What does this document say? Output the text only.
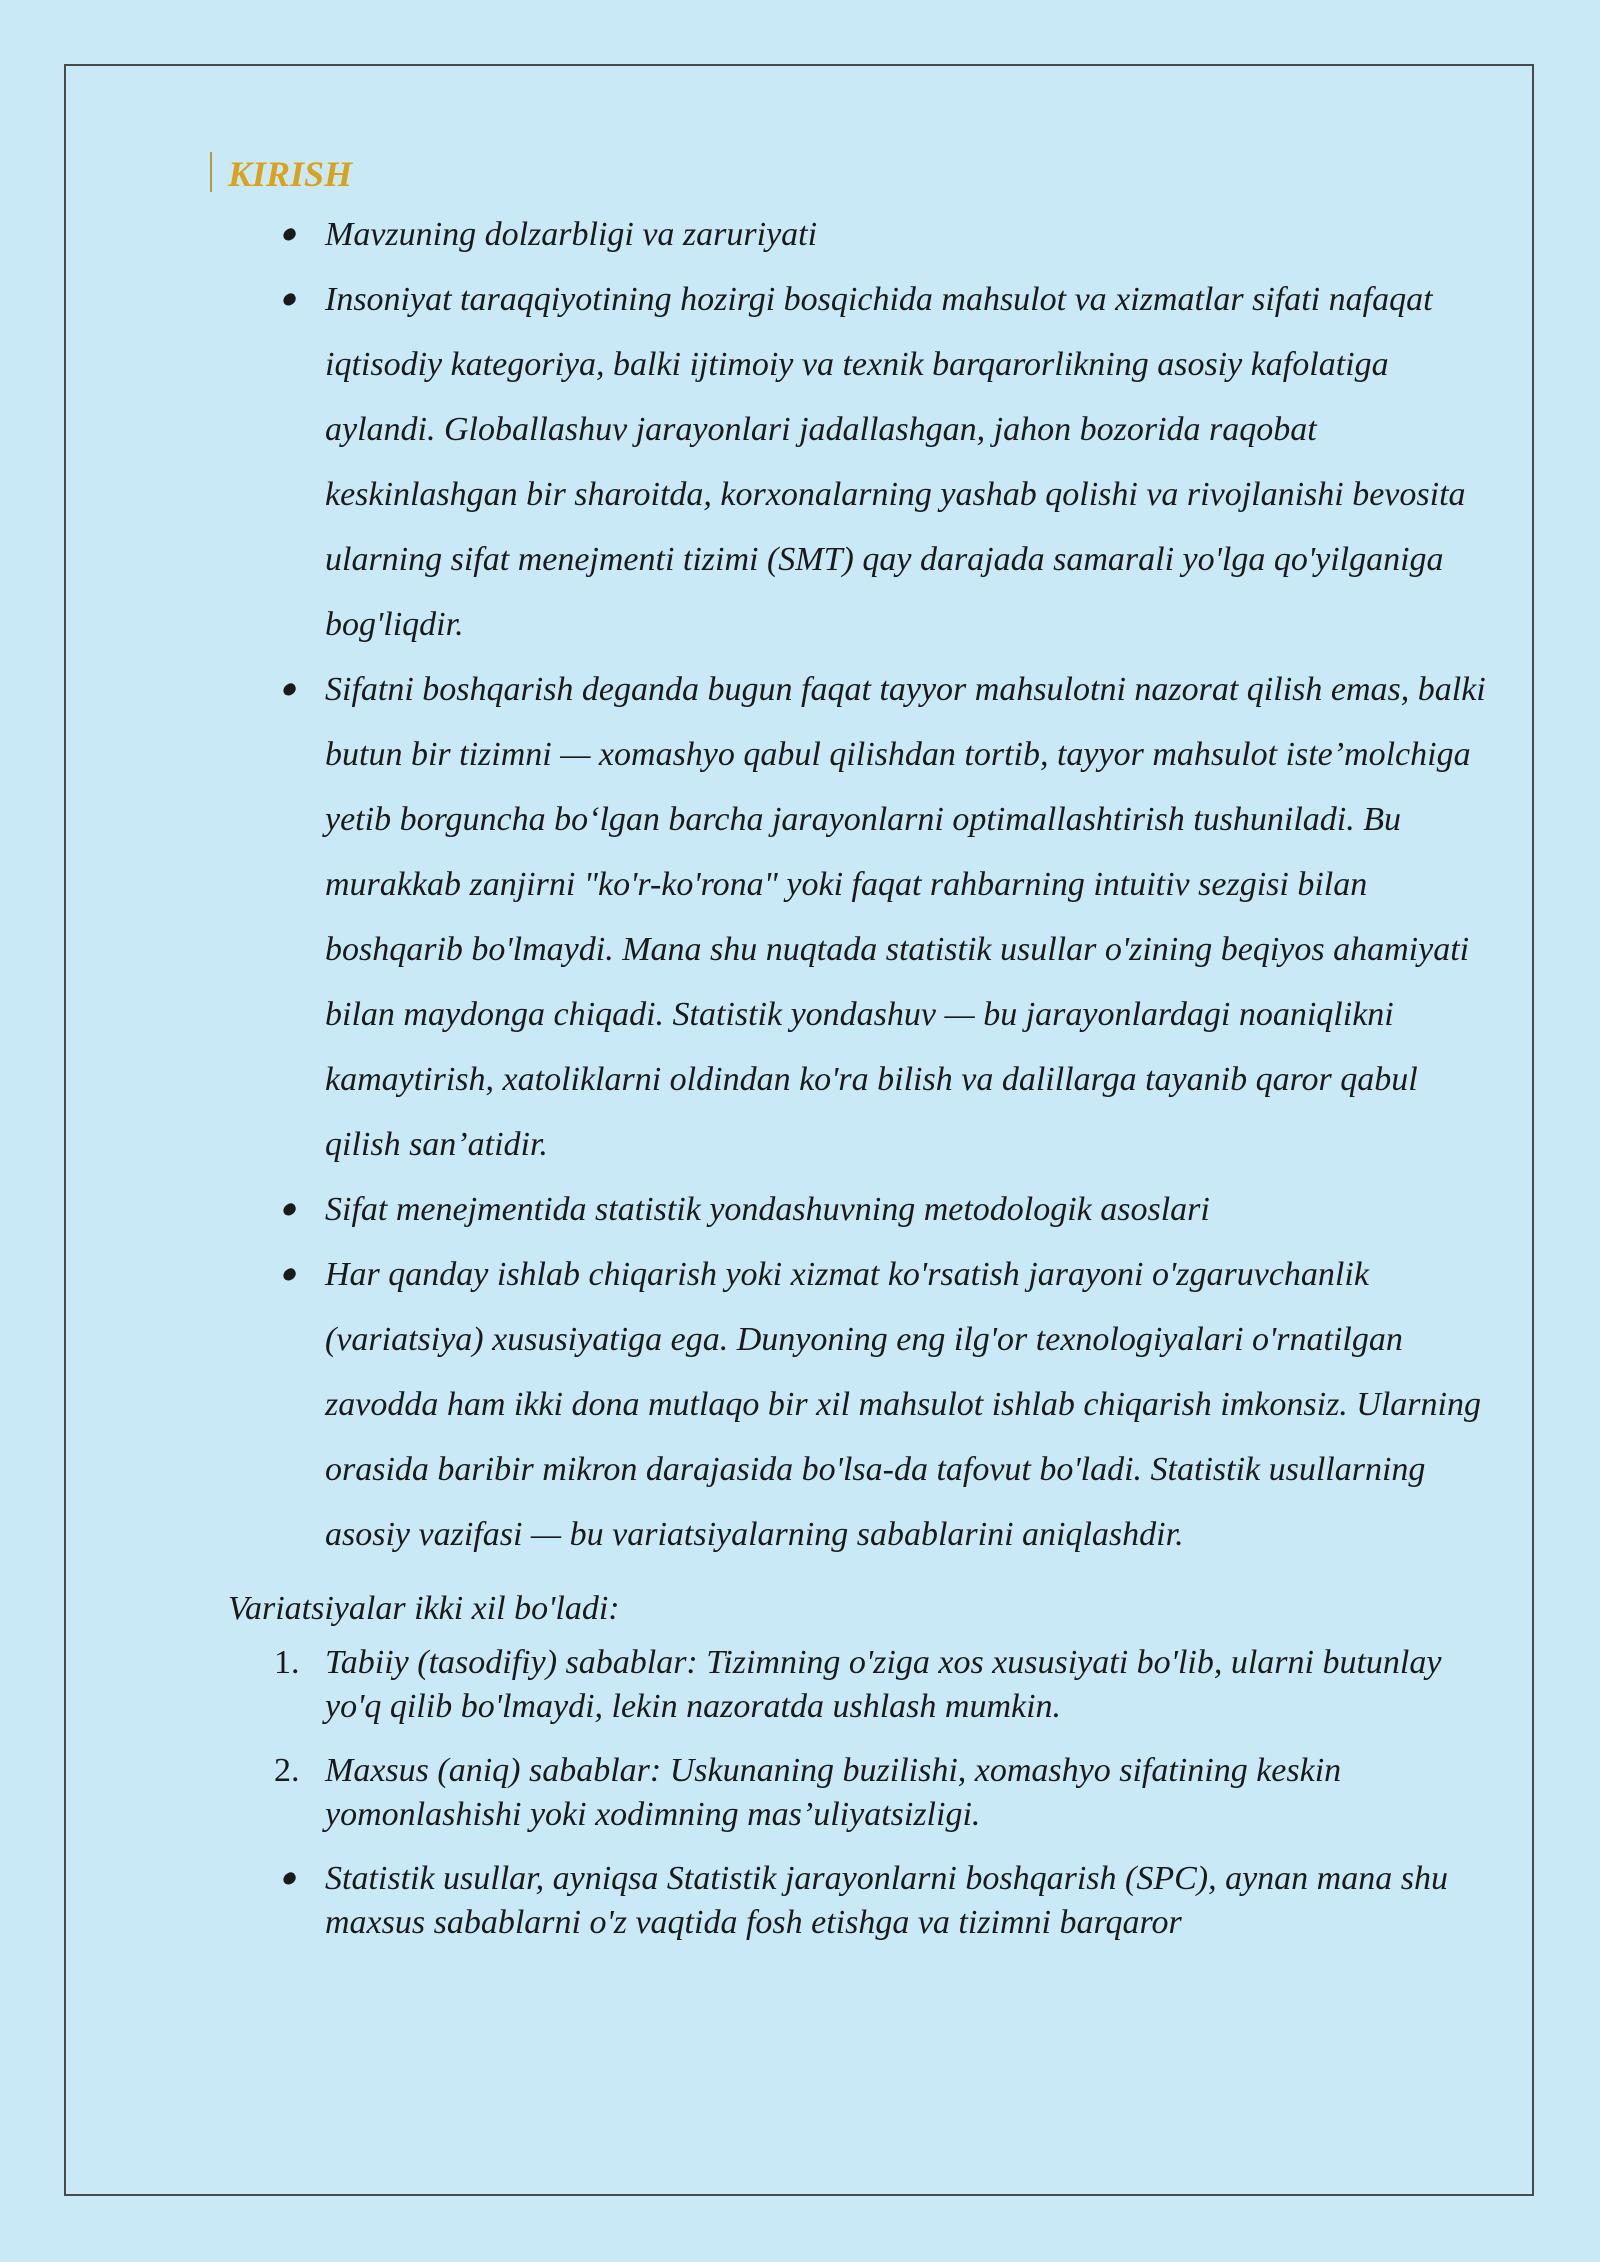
KIRISH
Mavzuning dolzarbligi va zaruriyati
Insoniyat taraqqiyotining hozirgi bosqichida mahsulot va xizmatlar sifati nafaqat iqtisodiy kategoriya, balki ijtimoiy va texnik barqarorlikning asosiy kafolatiga aylandi. Globallashuv jarayonlari jadallashgan, jahon bozorida raqobat keskinlashgan bir sharoitda, korxonalarning yashab qolishi va rivojlanishi bevosita ularning sifat menejmenti tizimi (SMT) qay darajada samarali yo'lga qo'yilganiga bog'liqdir.
Sifatni boshqarish deganda bugun faqat tayyor mahsulotni nazorat qilish emas, balki butun bir tizimni — xomashyo qabul qilishdan tortib, tayyor mahsulot iste’molchiga yetib borguncha bo‘lgan barcha jarayonlarni optimallashtirish tushuniladi. Bu murakkab zanjirni "ko'r-ko'rona" yoki faqat rahbarning intuitiv sezgisi bilan boshqarib bo'lmaydi. Mana shu nuqtada statistik usullar o'zining beqiyos ahamiyati bilan maydonga chiqadi. Statistik yondashuv — bu jarayonlardagi noaniqlikni kamaytirish, xatoliklarni oldindan ko'ra bilish va dalillarga tayanib qaror qabul qilish san’atidir.
Sifat menejmentida statistik yondashuvning metodologik asoslari
Har qanday ishlab chiqarish yoki xizmat ko'rsatish jarayoni o'zgaruvchanlik (variatsiya) xususiyatiga ega. Dunyoning eng ilg'or texnologiyalari o'rnatilgan zavodda ham ikki dona mutlaqo bir xil mahsulot ishlab chiqarish imkonsiz. Ularning orasida baribir mikron darajasida bo'lsa-da tafovut bo'ladi. Statistik usullarning asosiy vazifasi — bu variatsiyalarning sabablarini aniqlashdir.

Variatsiyalar ikki xil bo'ladi:

1. Tabiiy (tasodifiy) sabablar: Tizimning o'ziga xos xususiyati bo'lib, ularni butunlay yo'q qilib bo'lmaydi, lekin nazoratda ushlash mumkin.
2. Maxsus (aniq) sabablar: Uskunaning buzilishi, xomashyo sifatining keskin yomonlashishi yoki xodimning mas’uliyatsizligi.
Statistik usullar, ayniqsa Statistik jarayonlarni boshqarish (SPC), aynan mana shu maxsus sabablarni o'z vaqtida fosh etishga va tizimni barqaror
